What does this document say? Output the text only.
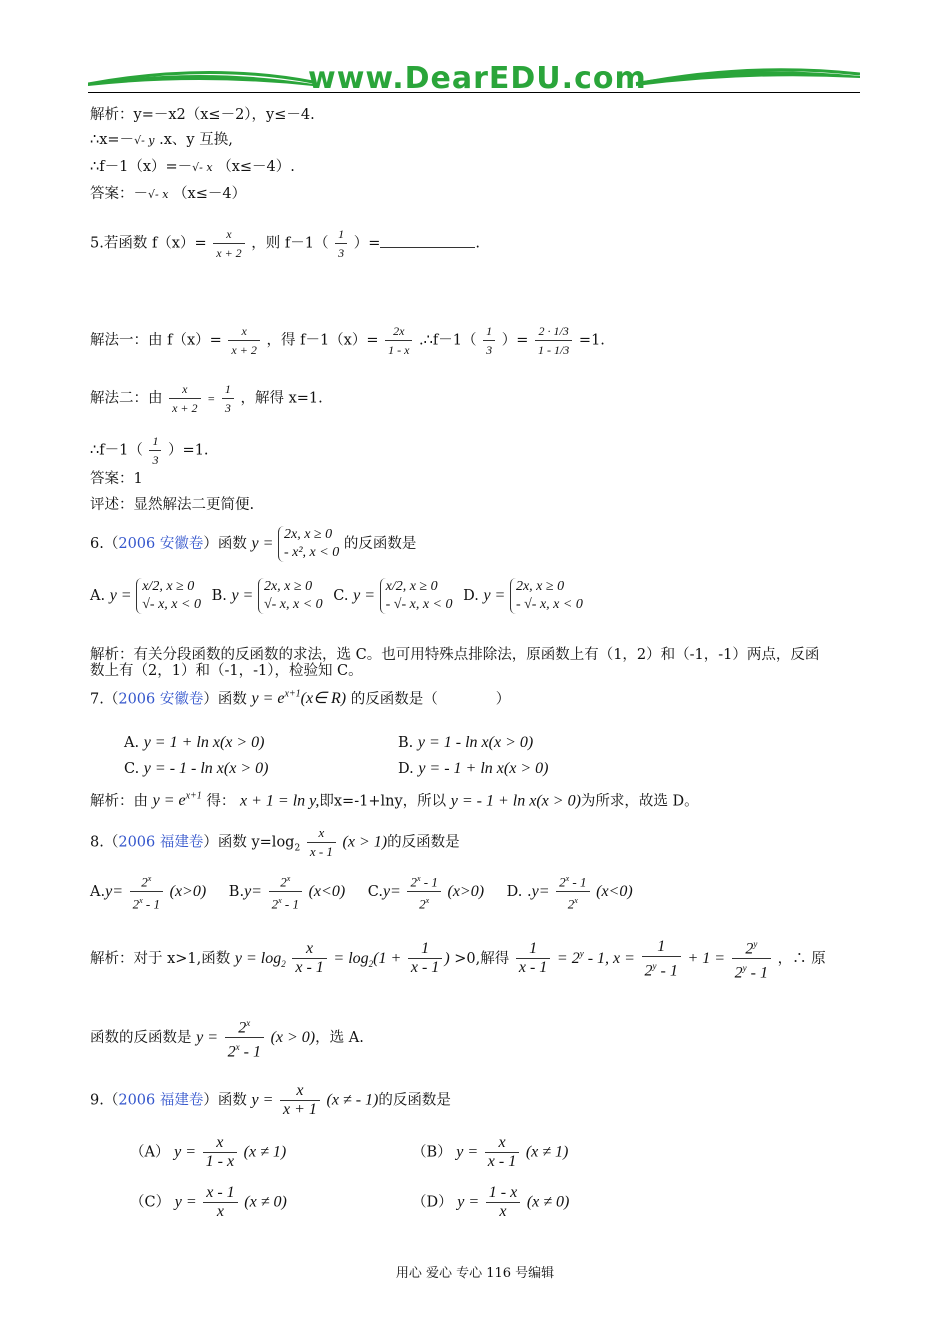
www.DearEDU.com
解析：y=－x2（x≤－2），y≤－4.
∴x=－√- y .x、y 互换,
∴f－1（x）=－√- x （x≤－4）.
答案：－√- x （x≤－4）
5.若函数 $f(x)= \frac{x}{x + 2}$ ，则 $f-1( \frac{1}{3}$ ）=	.
解法一：由 $f(x)= \frac{x}{x + 2}$ ，得 $f-1(x)= \frac{2x}{1 - x}$ .∴f－1（ $\frac{1}{3}$ ）= $\frac{2 \cdot 1/3}{1 - 1/3} =1$.
解法二：由 $\frac{x}{x + 2} = \frac{1}{3}$ ，解得 x=1.
∴f－1（ $\frac{1}{3} )=1$.
答案：1
评述：显然解法二更简便.
6.（2006 安徽卷）函数 y =
2x, x ≥ 0
- x², x < 0
的反函数是
A. y =
x/2, x ≥ 0
√- x, x < 0
B. y =
2x, x ≥ 0
√- x, x < 0
C. y =
x/2, x ≥ 0
- √- x, x < 0
D. y =
2x, x ≥ 0
- √- x, x < 0
解析：有关分段函数的反函数的求法，选 C。也可用特殊点排除法，原函数上有（1，2）和（-1，-1）两点，反函
数上有（2，1）和（-1，-1），检验知 C。
7.（2006 安徽卷）函数 $y = e^{x+1}(x\in$ R) 的反函数是（　　　　）
A. y = 1 + ln x(x > 0)	B. y = 1 - ln x(x > 0)
C. y = - 1 - ln x(x > 0)	D. y = - 1 + ln x(x > 0)
解析：由 $y = e^{x+1}$ 得： x + 1 = ln y,即x=-1+lny，所以 y = - 1 + ln x(x > 0)为所求，故选 D。
8.（2006 福建卷）函数 $y=\log_2 \frac{x}{x - 1} (x > 1)$的反函数是
$A.y= \frac{2^x}{2^x - 1} (x>0)$ $B.y= \frac{2^x}{2^x - 1} (x<0)$ $C.y= \frac{2^x - 1}{2^x} (x>0)$ D. $.y= \frac{2^x - 1}{2^x} (x<0)$
解析：对于 x>1,函数 $y = \log_2 \frac{x}{x - 1} = \log_2(1 + \frac{1}{x - 1}$ ) >0,解得 $\frac{1}{x - 1} = 2^y - 1$, $x = \frac{1}{2^y - 1} + 1 = \frac{2^y}{2^y - 1}$ ，∴ 原
函数的反函数是 $y = \frac{2^x}{2^x - 1} (x > 0)$，选 A.
9.（2006 福建卷）函数 $y = \frac{x}{x + 1} (x$ ≠ - 1)的反函数是
（A） $y = \frac{x}{1 - x} (x \ne 1)$	（B） $y = \frac{x}{x - 1} (x \ne 1)$
（C） $y = \frac{x - 1}{x} (x \ne 0)$	（D） $y = \frac{1 - x}{x} (x \ne 0)$
用心 爱心 专心 116 号编辑
